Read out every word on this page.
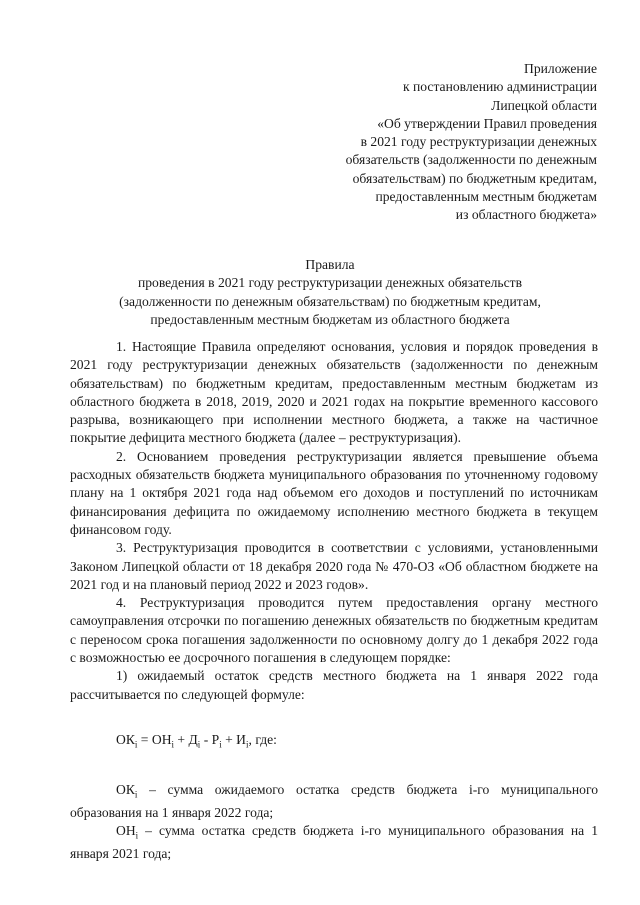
Приложение
к постановлению администрации
Липецкой области
«Об утверждении Правил проведения
в 2021 году реструктуризации денежных
обязательств (задолженности по денежным
обязательствам) по бюджетным кредитам,
предоставленным местным бюджетам
из областного бюджета»
Правила
проведения в 2021 году реструктуризации денежных обязательств
(задолженности по денежным обязательствам) по бюджетным кредитам,
предоставленным местным бюджетам из областного бюджета

1. Настоящие Правила определяют основания, условия и порядок проведения в 2021 году реструктуризации денежных обязательств (задолженности по денежным обязательствам) по бюджетным кредитам, предоставленным местным бюджетам из областного бюджета в 2018, 2019, 2020 и 2021 годах на покрытие временного кассового разрыва, возникающего при исполнении местного бюджета, а также на частичное покрытие дефицита местного бюджета (далее – реструктуризация).

2. Основанием проведения реструктуризации является превышение объема расходных обязательств бюджета муниципального образования по уточненному годовому плану на 1 октября 2021 года над объемом его доходов и поступлений по источникам финансирования дефицита по ожидаемому исполнению местного бюджета в текущем финансовом году.

3. Реструктуризация проводится в соответствии с условиями, установленными Законом Липецкой области от 18 декабря 2020 года № 470-ОЗ «Об областном бюджете на 2021 год и на плановый период 2022 и 2023 годов».

4. Реструктуризация проводится путем предоставления органу местного самоуправления отсрочки по погашению денежных обязательств по бюджетным кредитам с переносом срока погашения задолженности по основному долгу до 1 декабря 2022 года с возможностью ее досрочного погашения в следующем порядке:

1) ожидаемый остаток средств местного бюджета на 1 января 2022 года рассчитывается по следующей формуле:

$ОК_i = ОН_i + Д_i - Р_i + И_i$, где:

$ОК_i$ – сумма ожидаемого остатка средств бюджета i-го муниципального образования на 1 января 2022 года;

$ОН_i$ – сумма остатка средств бюджета i-го муниципального образования на 1 января 2021 года;
